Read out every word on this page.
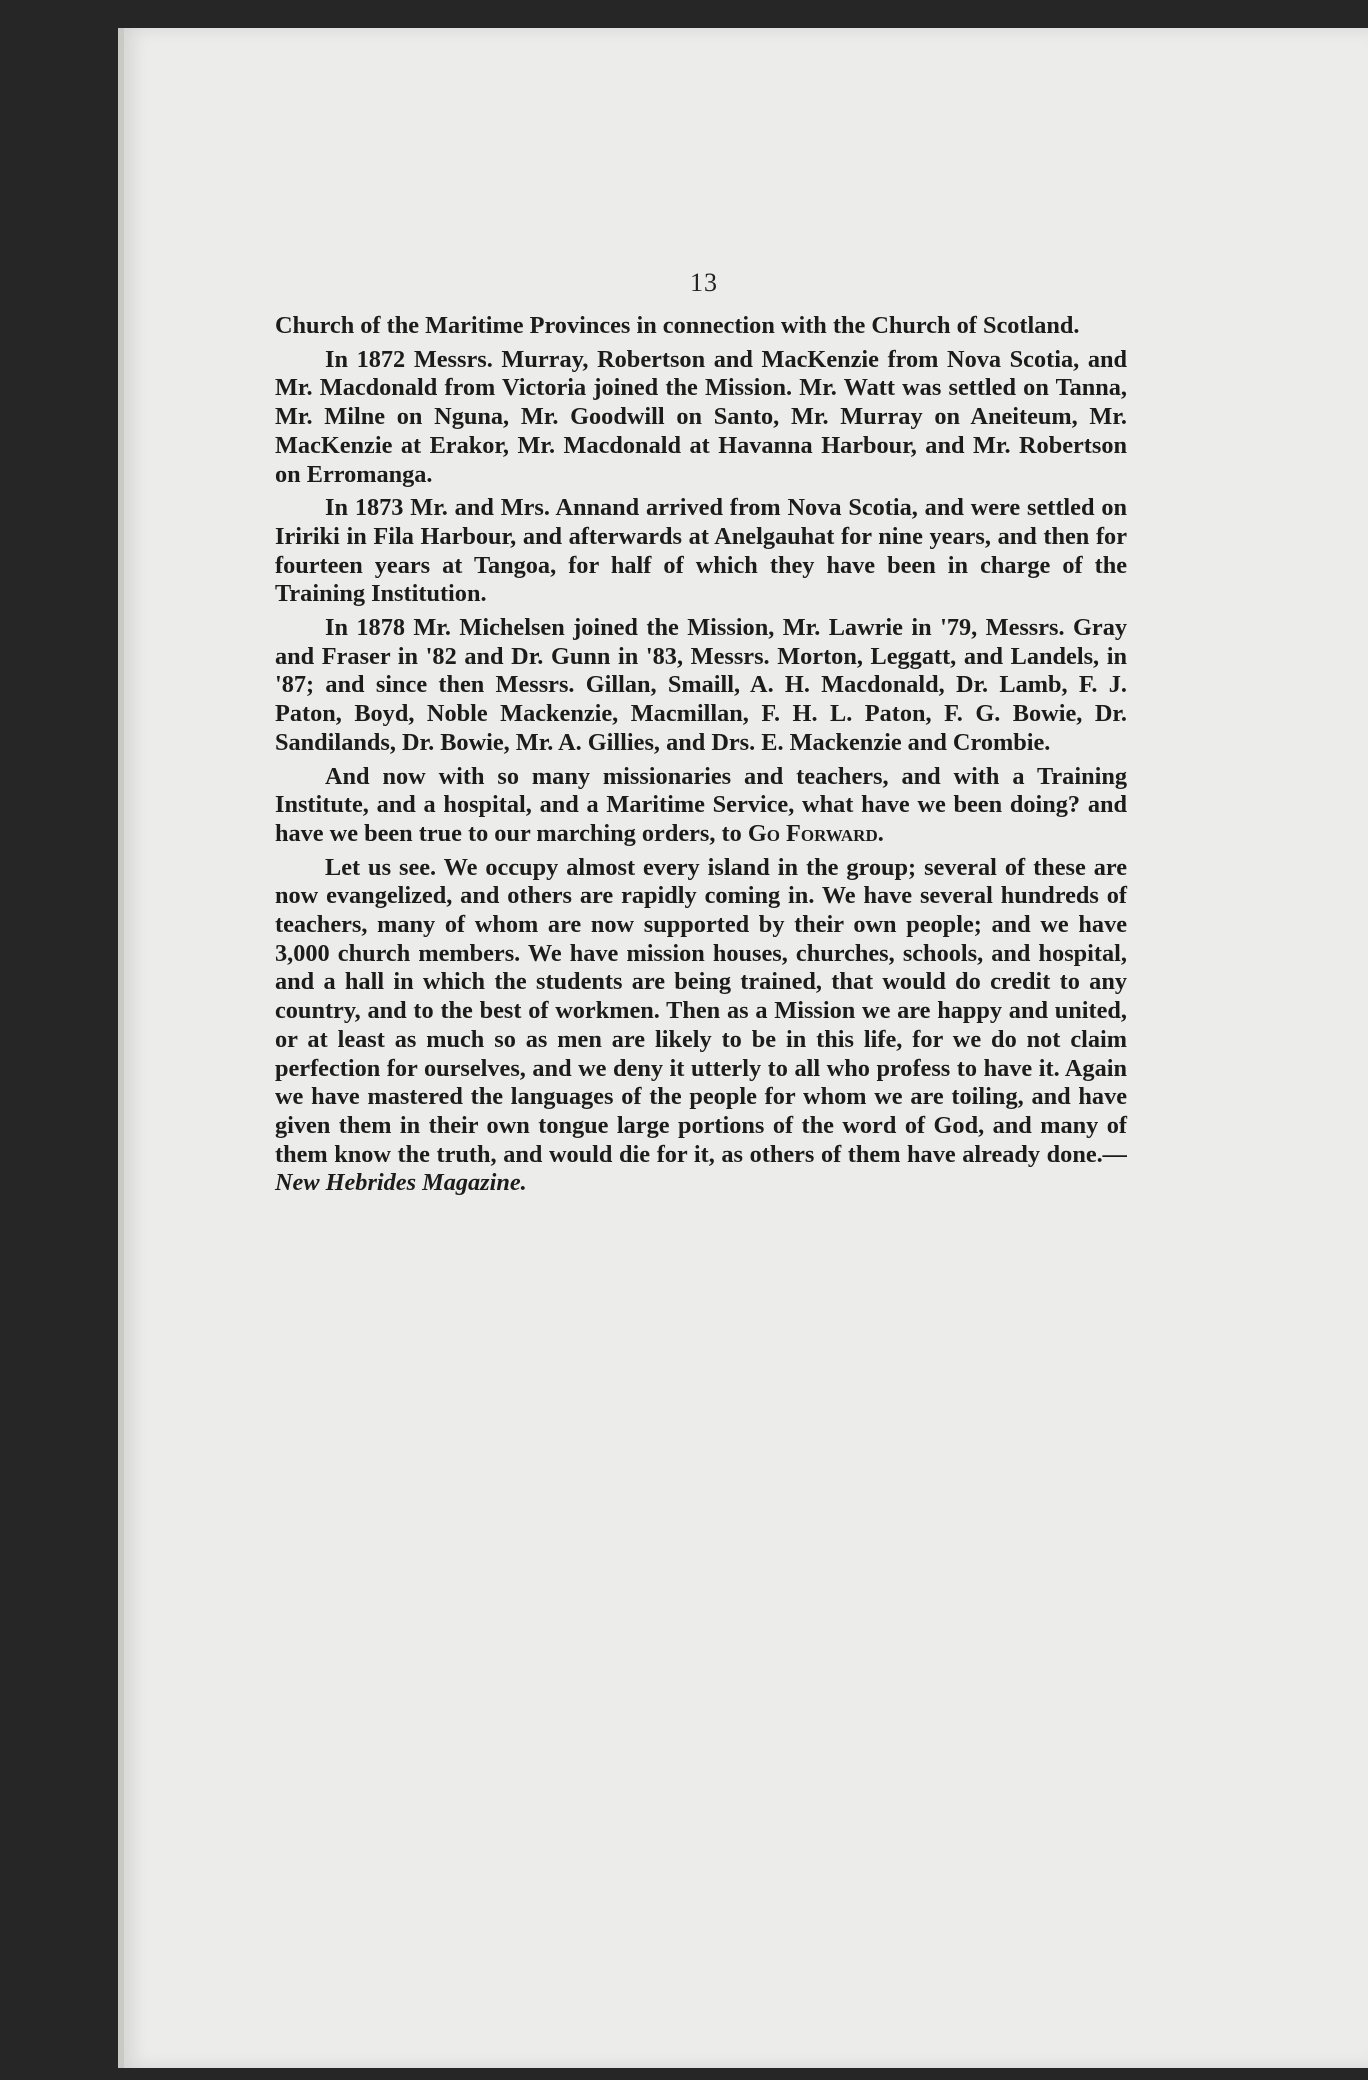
13

Church of the Maritime Provinces in connection with the Church of Scotland.

In 1872 Messrs. Murray, Robertson and MacKenzie from Nova Scotia, and Mr. Macdonald from Victoria joined the Mission. Mr. Watt was settled on Tanna, Mr. Milne on Nguna, Mr. Goodwill on Santo, Mr. Murray on Aneiteum, Mr. MacKenzie at Erakor, Mr. Macdonald at Havanna Harbour, and Mr. Robertson on Erromanga.

In 1873 Mr. and Mrs. Annand arrived from Nova Scotia, and were settled on Iririki in Fila Harbour, and afterwards at Anelgauhat for nine years, and then for fourteen years at Tangoa, for half of which they have been in charge of the Training Institution.

In 1878 Mr. Michelsen joined the Mission, Mr. Lawrie in '79, Messrs. Gray and Fraser in '82 and Dr. Gunn in '83, Messrs. Morton, Leggatt, and Landels, in '87; and since then Messrs. Gillan, Smaill, A. H. Macdonald, Dr. Lamb, F. J. Paton, Boyd, Noble Mackenzie, Macmillan, F. H. L. Paton, F. G. Bowie, Dr. Sandilands, Dr. Bowie, Mr. A. Gillies, and Drs. E. Mackenzie and Crombie.

And now with so many missionaries and teachers, and with a Training Institute, and a hospital, and a Maritime Service, what have we been doing? and have we been true to our marching orders, to Go Forward.

Let us see. We occupy almost every island in the group; several of these are now evangelized, and others are rapidly coming in. We have several hundreds of teachers, many of whom are now supported by their own people; and we have 3,000 church members. We have mission houses, churches, schools, and hospital, and a hall in which the students are being trained, that would do credit to any country, and to the best of workmen. Then as a Mission we are happy and united, or at least as much so as men are likely to be in this life, for we do not claim perfection for ourselves, and we deny it utterly to all who profess to have it. Again we have mastered the languages of the people for whom we are toiling, and have given them in their own tongue large portions of the word of God, and many of them know the truth, and would die for it, as others of them have already done.—New Hebrides Magazine.
